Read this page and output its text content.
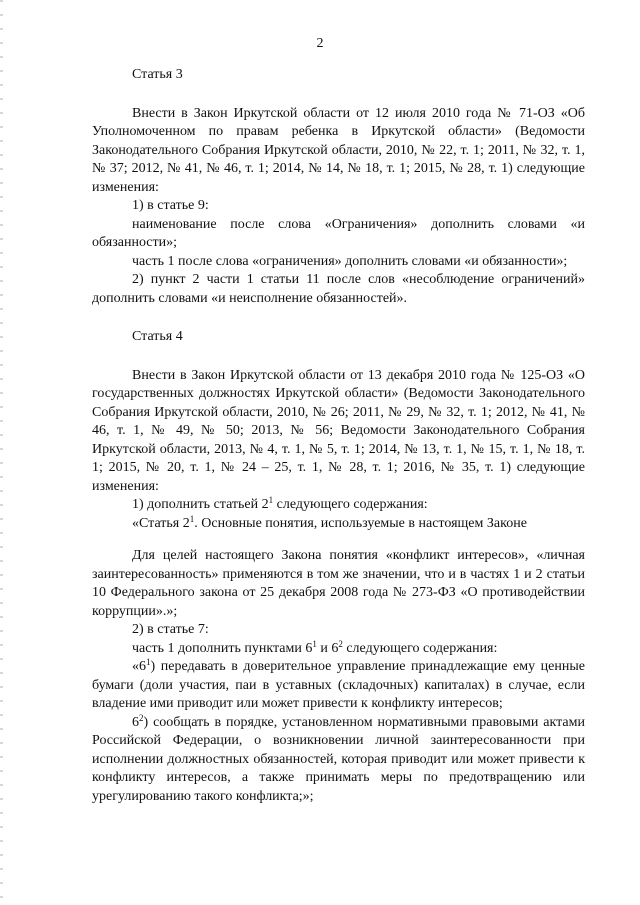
2

Статья 3

Внести в Закон Иркутской области от 12 июля 2010 года № 71-ОЗ «Об Уполномоченном по правам ребенка в Иркутской области» (Ведомости Законодательного Собрания Иркутской области, 2010, № 22, т. 1; 2011, № 32, т. 1, № 37; 2012, № 41, № 46, т. 1; 2014, № 14, № 18, т. 1; 2015, № 28, т. 1) следующие изменения:

1) в статье 9:

наименование после слова «Ограничения» дополнить словами «и обязанности»;

часть 1 после слова «ограничения» дополнить словами «и обязанности»;

2) пункт 2 части 1 статьи 11 после слов «несоблюдение ограничений» дополнить словами «и неисполнение обязанностей».

Статья 4

Внести в Закон Иркутской области от 13 декабря 2010 года № 125-ОЗ «О государственных должностях Иркутской области» (Ведомости Законодательного Собрания Иркутской области, 2010, № 26; 2011, № 29, № 32, т. 1; 2012, № 41, № 46, т. 1, № 49, № 50; 2013, № 56; Ведомости Законодательного Собрания Иркутской области, 2013, № 4, т. 1, № 5, т. 1; 2014, № 13, т. 1, № 15, т. 1, № 18, т. 1; 2015, № 20, т. 1, № 24 – 25, т. 1, № 28, т. 1; 2016, № 35, т. 1) следующие изменения:

1) дополнить статьей $2^1$ следующего содержания:

«Статья $2^1$. Основные понятия, используемые в настоящем Законе

Для целей настоящего Закона понятия «конфликт интересов», «личная заинтересованность» применяются в том же значении, что и в частях 1 и 2 статьи 10 Федерального закона от 25 декабря 2008 года № 273-ФЗ «О противодействии коррупции».»;

2) в статье 7:

часть 1 дополнить пунктами $6^1$ и $6^2$ следующего содержания:

«$6^1$) передавать в доверительное управление принадлежащие ему ценные бумаги (доли участия, паи в уставных (складочных) капиталах) в случае, если владение ими приводит или может привести к конфликту интересов;

$6^2$) сообщать в порядке, установленном нормативными правовыми актами Российской Федерации, о возникновении личной заинтересованности при исполнении должностных обязанностей, которая приводит или может привести к конфликту интересов, а также принимать меры по предотвращению или урегулированию такого конфликта;»;
